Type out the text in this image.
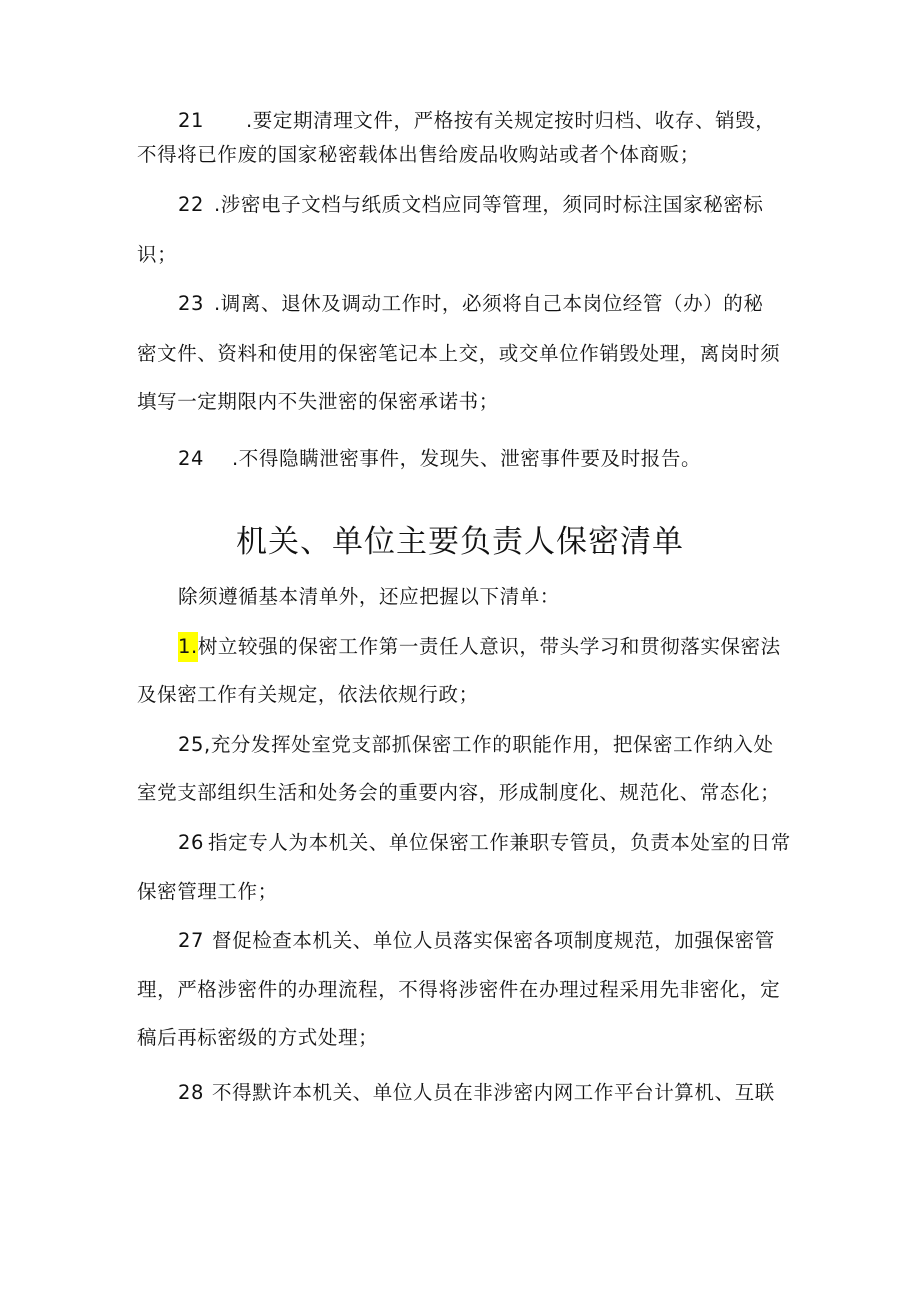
21 .要定期清理文件，严格按有关规定按时归档、收存、销毁，
不得将已作废的国家秘密载体出售给废品收购站或者个体商贩；
22 .涉密电子文档与纸质文档应同等管理，须同时标注国家秘密标
识；
23 .调离、退休及调动工作时，必须将自己本岗位经管（办）的秘
密文件、资料和使用的保密笔记本上交，或交单位作销毁处理，离岗时须
填写一定期限内不失泄密的保密承诺书；
24 .不得隐瞒泄密事件，发现失、泄密事件要及时报告。
机关、单位主要负责人保密清单
除须遵循基本清单外，还应把握以下清单：
1.树立较强的保密工作第一责任人意识，带头学习和贯彻落实保密法
及保密工作有关规定，依法依规行政；
25,充分发挥处室党支部抓保密工作的职能作用，把保密工作纳入处
室党支部组织生活和处务会的重要内容，形成制度化、规范化、常态化；
26 指定专人为本机关、单位保密工作兼职专管员，负责本处室的日常
保密管理工作；
27 督促检查本机关、单位人员落实保密各项制度规范，加强保密管
理，严格涉密件的办理流程，不得将涉密件在办理过程采用先非密化，定
稿后再标密级的方式处理；
28 不得默许本机关、单位人员在非涉密内网工作平台计算机、互联
